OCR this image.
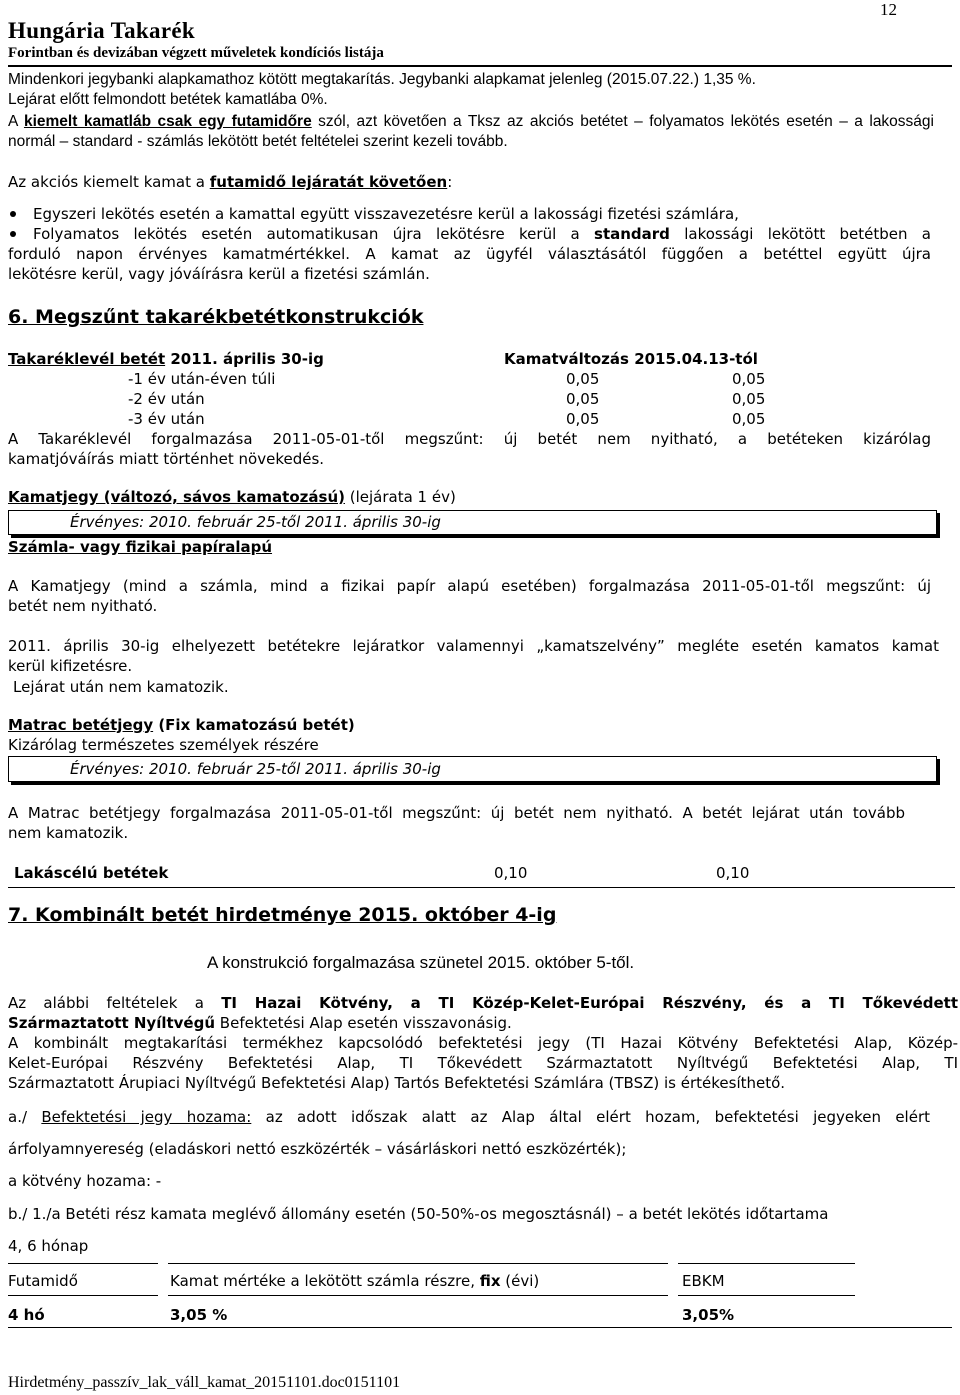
12
Hungária Takarék
Forintban és devizában végzett műveletek kondíciós listája
Mindenkori jegybanki alapkamathoz kötött megtakarítás. Jegybanki alapkamat jelenleg (2015.07.22.) 1,35 %.
Lejárat előtt felmondott betétek kamatlába 0%.
A kiemelt kamatláb csak egy futamidőre szól, azt követően a Tksz az akciós betétet – folyamatos lekötés esetén – a lakossági normál – standard - számlás lekötött betét feltételei szerint kezeli tovább.
Az akciós kiemelt kamat a futamidő lejáratát követően:
Egyszeri lekötés esetén a kamattal együtt visszavezetésre kerül a lakossági fizetési számlára,
Folyamatos lekötés esetén automatikusan újra lekötésre kerül a standard lakossági lekötött betétben a
forduló napon érvényes kamatmértékkel. A kamat az ügyfél választásától függően a betéttel együtt újra
lekötésre kerül, vagy jóváírásra kerül a fizetési számlán.
6. Megszűnt takarékbetétkonstrukciók
Takaréklevél betét 2011. április 30-ig	Kamatváltozás 2015.04.13-tól
-1 év után-éven túli	0,05	0,05
-2 év után	0,05	0,05
-3 év után	0,05	0,05
A Takaréklevél forgalmazása 2011-05-01-től megszűnt: új betét nem nyitható, a betéteken kizárólag
kamatjóváírás miatt történhet növekedés.
Kamatjegy (változó, sávos kamatozású) (lejárata 1 év)
Érvényes: 2010. február 25-től 2011. április 30-ig
Számla- vagy fizikai papíralapú
A Kamatjegy (mind a számla, mind a fizikai papír alapú esetében) forgalmazása 2011-05-01-től megszűnt: új
betét nem nyitható.
2011. április 30-ig elhelyezett betétekre lejáratkor valamennyi „kamatszelvény” megléte esetén kamatos kamat
kerül kifizetésre.
Lejárat után nem kamatozik.
Matrac betétjegy (Fix kamatozású betét)
Kizárólag természetes személyek részére
Érvényes: 2010. február 25-től 2011. április 30-ig
A Matrac betétjegy forgalmazása 2011-05-01-től megszűnt: új betét nem nyitható. A betét lejárat után tovább
nem kamatozik.
Lakáscélú betétek	0,10	0,10
7. Kombinált betét hirdetménye 2015. október 4-ig
A konstrukció forgalmazása szünetel 2015. október 5-től.
Az alábbi feltételek a TI Hazai Kötvény, a TI Közép-Kelet-Európai Részvény, és a TI Tőkevédett
Származtatott Nyíltvégű Befektetési Alap esetén visszavonásig.
A kombinált megtakarítási termékhez kapcsolódó befektetési jegy (TI Hazai Kötvény Befektetési Alap, Közép-
Kelet-Európai Részvény Befektetési Alap, TI Tőkevédett Származtatott Nyíltvégű Befektetési Alap, TI
Származtatott Árupiaci Nyíltvégű Befektetési Alap) Tartós Befektetési Számlára (TBSZ) is értékesíthető.
a./ Befektetési jegy hozama: az adott időszak alatt az Alap által elért hozam, befektetési jegyeken elért
árfolyamnyereség (eladáskori nettó eszközérték – vásárláskori nettó eszközérték);
a kötvény hozama: -
b./ 1./a Betéti rész kamata meglévő állomány esetén (50-50%-os megosztásnál) – a betét lekötés időtartama
4, 6 hónap
Futamidő	Kamat mértéke a lekötött számla részre, fix (évi)	EBKM
4 hó	3,05 %	3,05%
Hirdetmény_passzív_lak_váll_kamat_20151101.doc0151101
